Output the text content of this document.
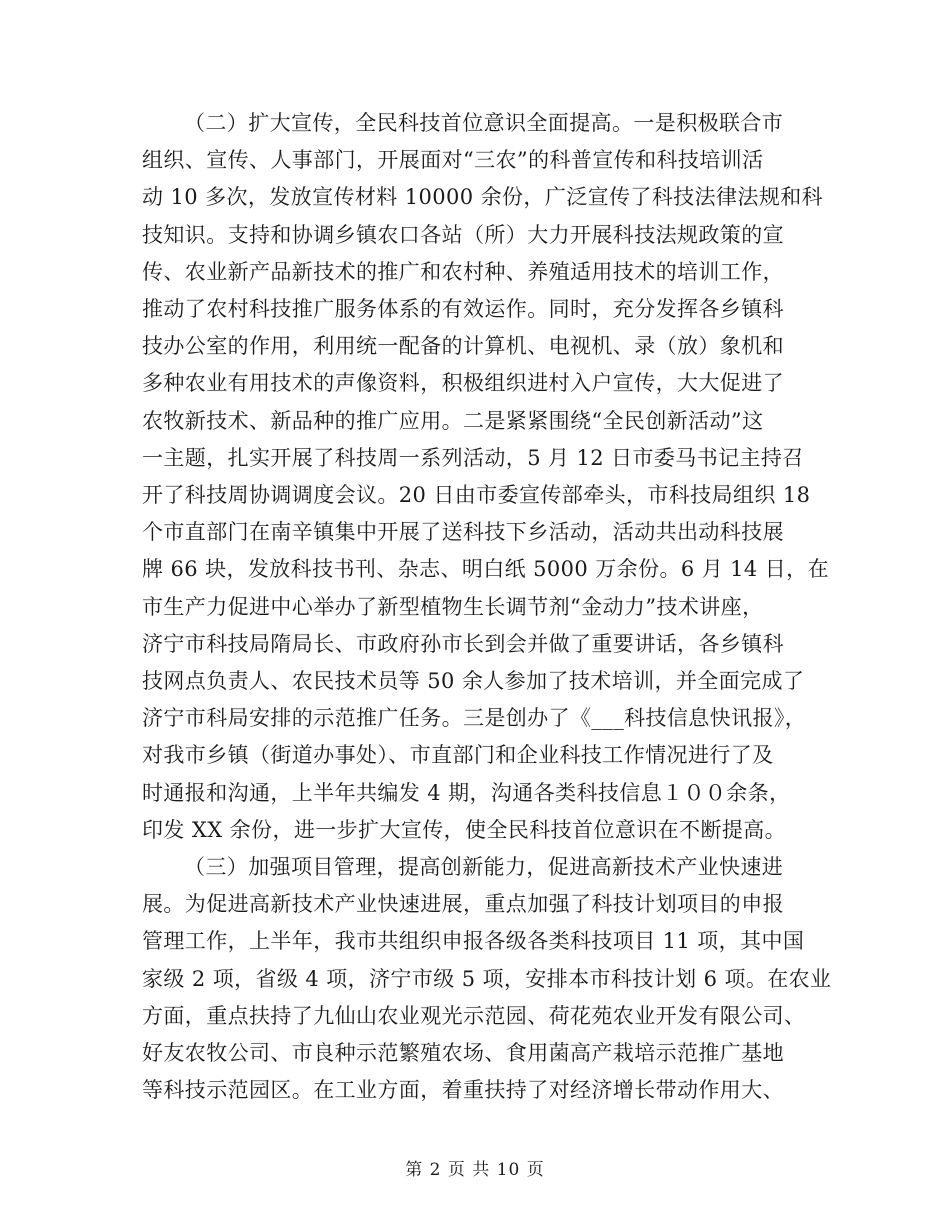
（二）扩大宣传，全民科技首位意识全面提高。一是积极联合市
组织、宣传、人事部门，开展面对“三农”的科普宣传和科技培训活
动 10 多次，发放宣传材料 10000 余份，广泛宣传了科技法律法规和科
技知识。支持和协调乡镇农口各站（所）大力开展科技法规政策的宣
传、农业新产品新技术的推广和农村种、养殖适用技术的培训工作，
推动了农村科技推广服务体系的有效运作。同时，充分发挥各乡镇科
技办公室的作用，利用统一配备的计算机、电视机、录（放）象机和
多种农业有用技术的声像资料，积极组织进村入户宣传，大大促进了
农牧新技术、新品种的推广应用。二是紧紧围绕“全民创新活动”这
一主题，扎实开展了科技周一系列活动，5 月 12 日市委马书记主持召
开了科技周协调调度会议。20 日由市委宣传部牵头，市科技局组织 18
个市直部门在南辛镇集中开展了送科技下乡活动，活动共出动科技展
牌 66 块，发放科技书刊、杂志、明白纸 5000 万余份。6 月 14 日，在
市生产力促进中心举办了新型植物生长调节剂“金动力”技术讲座，
济宁市科技局隋局长、市政府孙市长到会并做了重要讲话，各乡镇科
技网点负责人、农民技术员等 50 余人参加了技术培训，并全面完成了
济宁市科局安排的示范推广任务。三是创办了《___科技信息快讯报》，
对我市乡镇（街道办事处）、市直部门和企业科技工作情况进行了及
时通报和沟通，上半年共编发 4 期，沟通各类科技信息１００余条，
印发 XX 余份，进一步扩大宣传，使全民科技首位意识在不断提高。

（三）加强项目管理，提高创新能力，促进高新技术产业快速进
展。为促进高新技术产业快速进展，重点加强了科技计划项目的申报
管理工作，上半年，我市共组织申报各级各类科技项目 11 项，其中国
家级 2 项，省级 4 项，济宁市级 5 项，安排本市科技计划 6 项。在农业
方面，重点扶持了九仙山农业观光示范园、荷花苑农业开发有限公司、
好友农牧公司、市良种示范繁殖农场、食用菌高产栽培示范推广基地
等科技示范园区。在工业方面，着重扶持了对经济增长带动作用大、

第 2 页 共 10 页
